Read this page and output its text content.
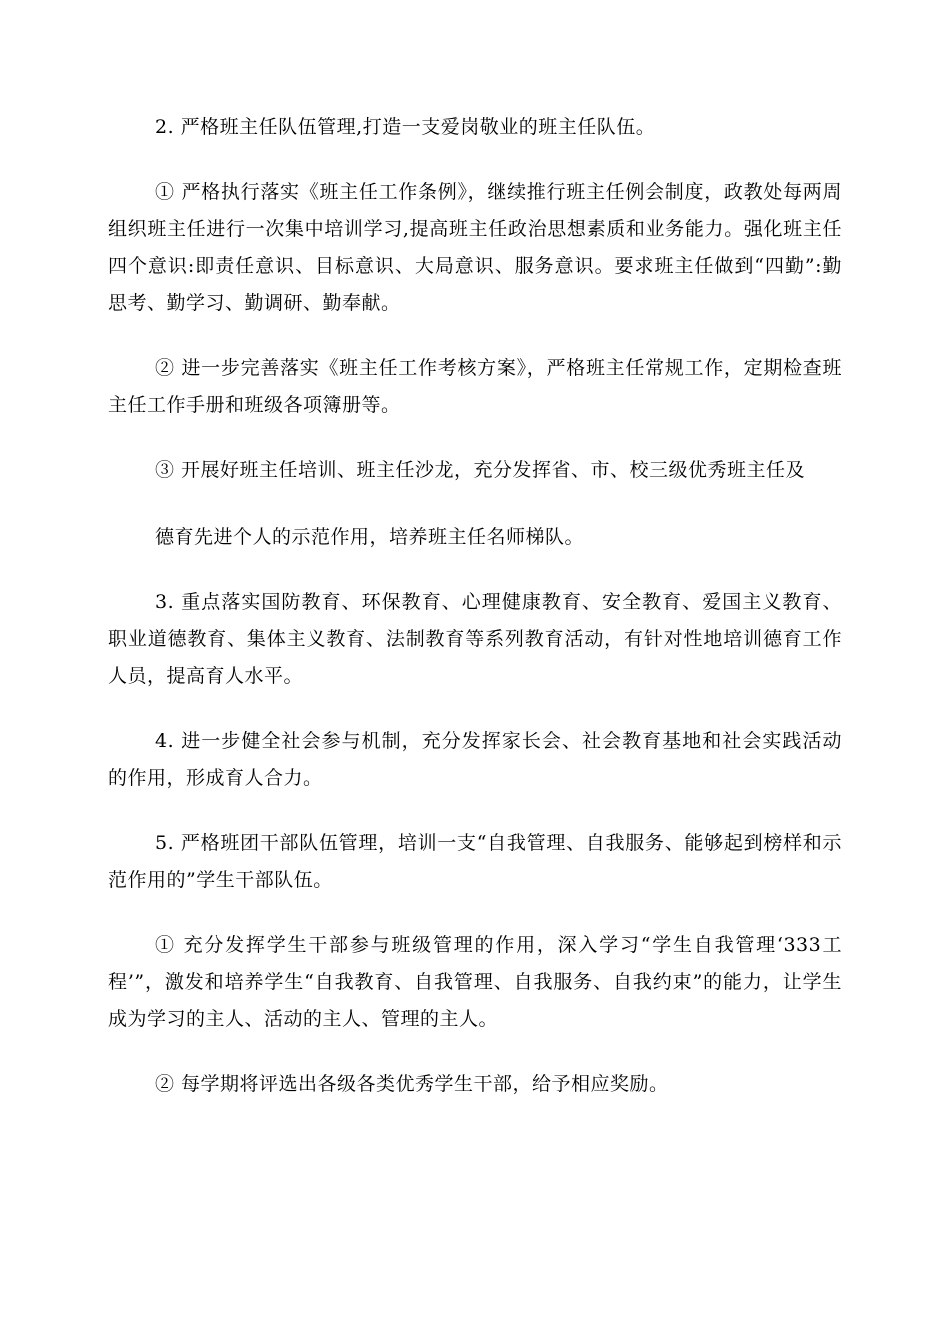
2. 严格班主任队伍管理,打造一支爱岗敬业的班主任队伍。

① 严格执行落实《班主任工作条例》，继续推行班主任例会制度，政教处每两周组织班主任进行一次集中培训学习,提高班主任政治思想素质和业务能力。强化班主任四个意识:即责任意识、目标意识、大局意识、服务意识。要求班主任做到“四勤”:勤思考、勤学习、勤调研、勤奉献。

② 进一步完善落实《班主任工作考核方案》，严格班主任常规工作，定期检查班主任工作手册和班级各项簿册等。

③ 开展好班主任培训、班主任沙龙，充分发挥省、市、校三级优秀班主任及

德育先进个人的示范作用，培养班主任名师梯队。

3. 重点落实国防教育、环保教育、心理健康教育、安全教育、爱国主义教育、职业道德教育、集体主义教育、法制教育等系列教育活动，有针对性地培训德育工作人员，提高育人水平。

4. 进一步健全社会参与机制，充分发挥家长会、社会教育基地和社会实践活动的作用，形成育人合力。

5. 严格班团干部队伍管理，培训一支“自我管理、自我服务、能够起到榜样和示范作用的”学生干部队伍。

① 充分发挥学生干部参与班级管理的作用，深入学习“学生自我管理‘333工程’”，激发和培养学生“自我教育、自我管理、自我服务、自我约束”的能力，让学生成为学习的主人、活动的主人、管理的主人。

② 每学期将评选出各级各类优秀学生干部，给予相应奖励。
